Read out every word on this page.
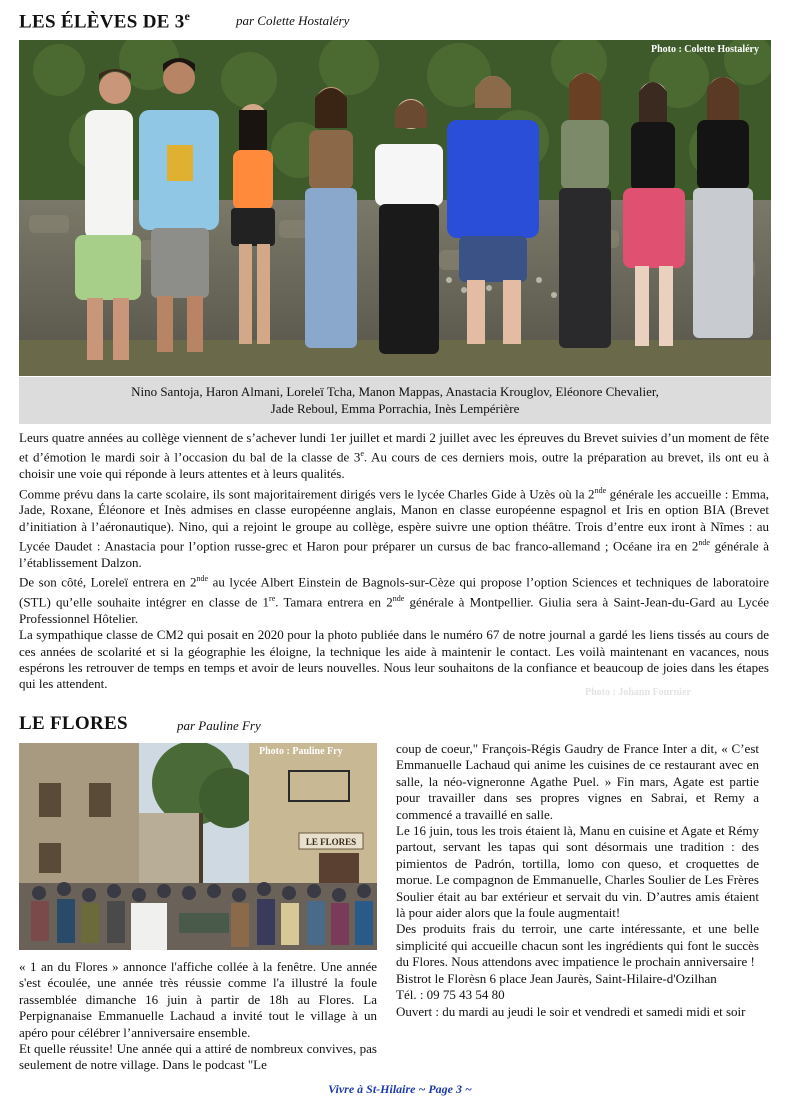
LES ÉLÈVES DE 3e	par Colette Hostaléry
Photo : Colette Hostaléry
Nino Santoja, Haron Almani, Loreleï Tcha, Manon Mappas, Anastacia Krouglov, Eléonore Chevalier,
Jade Reboul, Emma Porrachia, Inès Lempérière

Leurs quatre années au collège viennent de s’achever lundi 1er juillet et mardi 2 juillet avec les épreuves du Brevet suivies d’un moment de fête et d’émotion le mardi soir à l’occasion du bal de la classe de 3e. Au cours de ces derniers mois, outre la préparation au brevet, ils ont eu à choisir une voie qui réponde à leurs attentes et à leurs qualités.

Comme prévu dans la carte scolaire, ils sont majoritairement dirigés vers le lycée Charles Gide à Uzès où la 2nde générale les accueille : Emma, Jade, Roxane, Éléonore et Inès admises en classe européenne anglais, Manon en classe européenne espagnol et Iris en option BIA (Brevet d’initiation à l’aéronautique). Nino, qui a rejoint le groupe au collège, espère suivre une option théâtre. Trois d’entre eux iront à Nîmes : au Lycée Daudet : Anastacia pour l’option russe-grec et Haron pour préparer un cursus de bac franco-allemand ; Océane ira en 2nde générale à l’établissement Dalzon.

De son côté, Loreleï entrera en 2nde au lycée Albert Einstein de Bagnols-sur-Cèze qui propose l’option Sciences et techniques de laboratoire (STL) qu’elle souhaite intégrer en classe de 1re. Tamara entrera en 2nde générale à Montpellier. Giulia sera à Saint-Jean-du-Gard au Lycée Professionnel Hôtelier.

La sympathique classe de CM2 qui posait en 2020 pour la photo publiée dans le numéro 67 de notre journal a gardé les liens tissés au cours de ces années de scolarité et si la géographie les éloigne, la technique les aide à maintenir le contact. Les voilà maintenant en vacances, nous espérons les retrouver de temps en temps et avoir de leurs nouvelles. Nous leur souhaitons de la confiance et beaucoup de joies dans les étapes qui les attendent.

Photo : Johann Fournier
LE FLORES	par Pauline Fry
LE FLORES
Photo : Pauline Fry

« 1 an du Flores » annonce l'affiche collée à la fenêtre. Une année s'est écoulée, une année très réussie comme l'a illustré la foule rassemblée dimanche 16 juin à partir de 18h au Flores. La Perpignanaise Emmanuelle Lachaud a invité tout le village à un apéro pour célébrer l’anniversaire ensemble.

Et quelle réussite! Une année qui a attiré de nombreux convives, pas seulement de notre village. Dans le podcast "Le

coup de coeur," François-Régis Gaudry de France Inter a dit, « C’est Emmanuelle Lachaud qui anime les cuisines de ce restaurant avec en salle, la néo-vigneronne Agathe Puel. » Fin mars, Agate est partie pour travailler dans ses propres vignes en Sabrai, et Remy a commencé a travaillé en salle.

Le 16 juin, tous les trois étaient là, Manu en cuisine et Agate et Rémy partout, servant les tapas qui sont désormais une tradition : des pimientos de Padrón, tortilla, lomo con queso, et croquettes de morue. Le compagnon de Emmanuelle, Charles Soulier de Les Frères Soulier était au bar extérieur et servait du vin. D’autres amis étaient là pour aider alors que la foule augmentait!

Des produits frais du terroir, une carte intéressante, et une belle simplicité qui accueille chacun sont les ingrédients qui font le succès du Flores. Nous attendons avec impatience le prochain anniversaire !

Bistrot le Florèsn 6 place Jean Jaurès, Saint-Hilaire-d'Ozilhan

Tél. : 09 75 43 54 80

Ouvert : du mardi au jeudi le soir et vendredi et samedi midi et soir

Vivre à St-Hilaire ~ Page 3 ~
